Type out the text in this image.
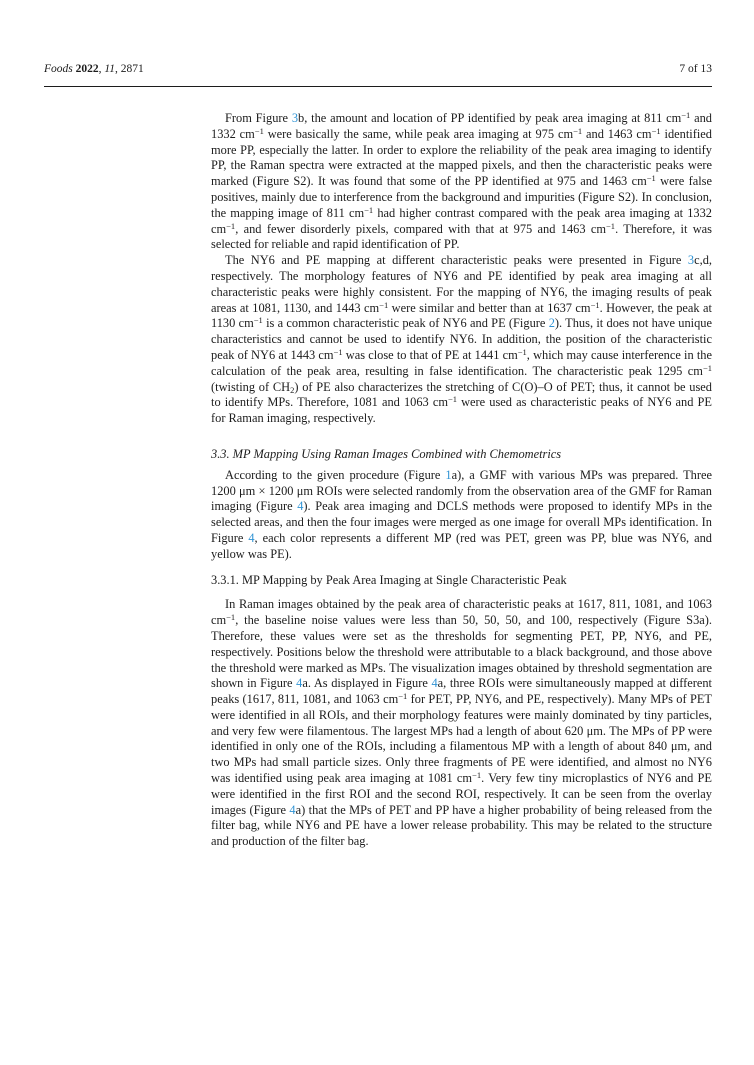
Foods 2022, 11, 2871	7 of 13

From Figure 3b, the amount and location of PP identified by peak area imaging at 811 $cm^{-1}$ and 1332 $cm^{-1}$ were basically the same, while peak area imaging at 975 $cm^{-1}$ and 1463 $cm^{-1}$ identified more PP, especially the latter. In order to explore the reliability of the peak area imaging to identify PP, the Raman spectra were extracted at the mapped pixels, and then the characteristic peaks were marked (Figure S2). It was found that some of the PP identified at 975 and 1463 $cm^{-1}$ were false positives, mainly due to interference from the background and impurities (Figure S2). In conclusion, the mapping image of 811 $cm^{-1}$ had higher contrast compared with the peak area imaging at 1332 $cm^{-1}$, and fewer disorderly pixels, compared with that at 975 and 1463 $cm^{-1}$. Therefore, it was selected for reliable and rapid identification of PP.

The NY6 and PE mapping at different characteristic peaks were presented in Figure 3c,d, respectively. The morphology features of NY6 and PE identified by peak area imaging at all characteristic peaks were highly consistent. For the mapping of NY6, the imaging results of peak areas at 1081, 1130, and 1443 $cm^{-1}$ were similar and better than at 1637 $cm^{-1}$. However, the peak at 1130 $cm^{-1}$ is a common characteristic peak of NY6 and PE (Figure 2). Thus, it does not have unique characteristics and cannot be used to identify NY6. In addition, the position of the characteristic peak of NY6 at 1443 $cm^{-1}$ was close to that of PE at 1441 $cm^{-1}$, which may cause interference in the calculation of the peak area, resulting in false identification. The characteristic peak 1295 $cm^{-1}$ (twisting of $CH_2$) of PE also characterizes the stretching of C(O)–O of PET; thus, it cannot be used to identify MPs. Therefore, 1081 and 1063 $cm^{-1}$ were used as characteristic peaks of NY6 and PE for Raman imaging, respectively.

3.3. MP Mapping Using Raman Images Combined with Chemometrics

According to the given procedure (Figure 1a), a GMF with various MPs was prepared. Three 1200 μm × 1200 μm ROIs were selected randomly from the observation area of the GMF for Raman imaging (Figure 4). Peak area imaging and DCLS methods were proposed to identify MPs in the selected areas, and then the four images were merged as one image for overall MPs identification. In Figure 4, each color represents a different MP (red was PET, green was PP, blue was NY6, and yellow was PE).

3.3.1. MP Mapping by Peak Area Imaging at Single Characteristic Peak

In Raman images obtained by the peak area of characteristic peaks at 1617, 811, 1081, and 1063 $cm^{-1}$, the baseline noise values were less than 50, 50, 50, and 100, respectively (Figure S3a). Therefore, these values were set as the thresholds for segmenting PET, PP, NY6, and PE, respectively. Positions below the threshold were attributable to a black background, and those above the threshold were marked as MPs. The visualization images obtained by threshold segmentation are shown in Figure 4a. As displayed in Figure 4a, three ROIs were simultaneously mapped at different peaks (1617, 811, 1081, and 1063 $cm^{-1}$ for PET, PP, NY6, and PE, respectively). Many MPs of PET were identified in all ROIs, and their morphology features were mainly dominated by tiny particles, and very few were filamentous. The largest MPs had a length of about 620 μm. The MPs of PP were identified in only one of the ROIs, including a filamentous MP with a length of about 840 μm, and two MPs had small particle sizes. Only three fragments of PE were identified, and almost no NY6 was identified using peak area imaging at 1081 $cm^{-1}$. Very few tiny microplastics of NY6 and PE were identified in the first ROI and the second ROI, respectively. It can be seen from the overlay images (Figure 4a) that the MPs of PET and PP have a higher probability of being released from the filter bag, while NY6 and PE have a lower release probability. This may be related to the structure and production of the filter bag.
